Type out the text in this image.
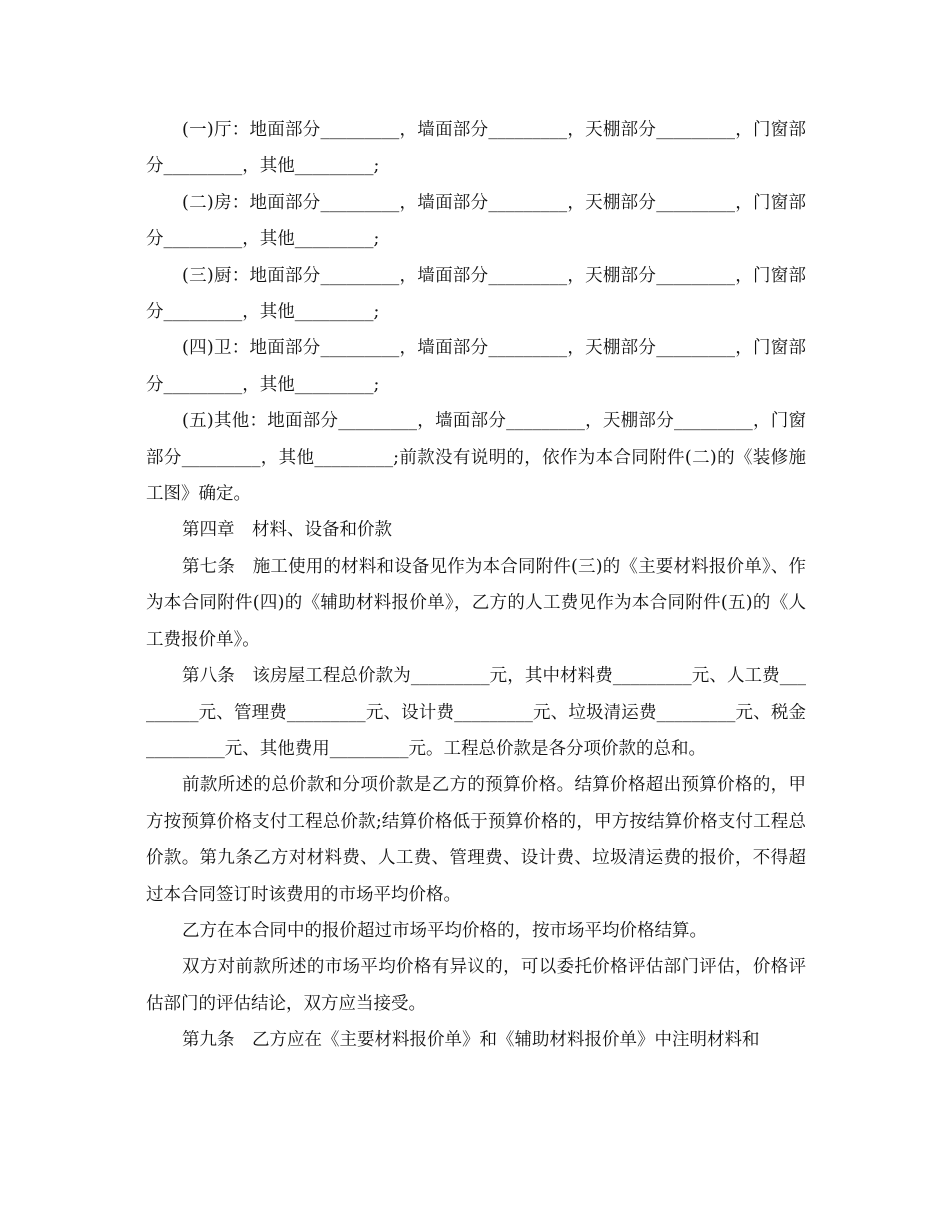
(一)厅：地面部分_________，墙面部分_________，天棚部分_________，门窗部分_________，其他_________;

(二)房：地面部分_________，墙面部分_________，天棚部分_________，门窗部分_________，其他_________;

(三)厨：地面部分_________，墙面部分_________，天棚部分_________，门窗部分_________，其他_________;

(四)卫：地面部分_________，墙面部分_________，天棚部分_________，门窗部分_________，其他_________;

(五)其他：地面部分_________，墙面部分_________，天棚部分_________，门窗部分_________，其他_________;前款没有说明的，依作为本合同附件(二)的《装修施工图》确定。

第四章　材料、设备和价款

第七条　施工使用的材料和设备见作为本合同附件(三)的《主要材料报价单》、作为本合同附件(四)的《辅助材料报价单》，乙方的人工费见作为本合同附件(五)的《人工费报价单》。

第八条　该房屋工程总价款为_________元，其中材料费_________元、人工费_________元、管理费_________元、设计费_________元、垃圾清运费_________元、税金_________元、其他费用_________元。工程总价款是各分项价款的总和。

前款所述的总价款和分项价款是乙方的预算价格。结算价格超出预算价格的，甲方按预算价格支付工程总价款;结算价格低于预算价格的，甲方按结算价格支付工程总价款。第九条乙方对材料费、人工费、管理费、设计费、垃圾清运费的报价，不得超过本合同签订时该费用的市场平均价格。

乙方在本合同中的报价超过市场平均价格的，按市场平均价格结算。

双方对前款所述的市场平均价格有异议的，可以委托价格评估部门评估，价格评估部门的评估结论，双方应当接受。

第九条　乙方应在《主要材料报价单》和《辅助材料报价单》中注明材料和
